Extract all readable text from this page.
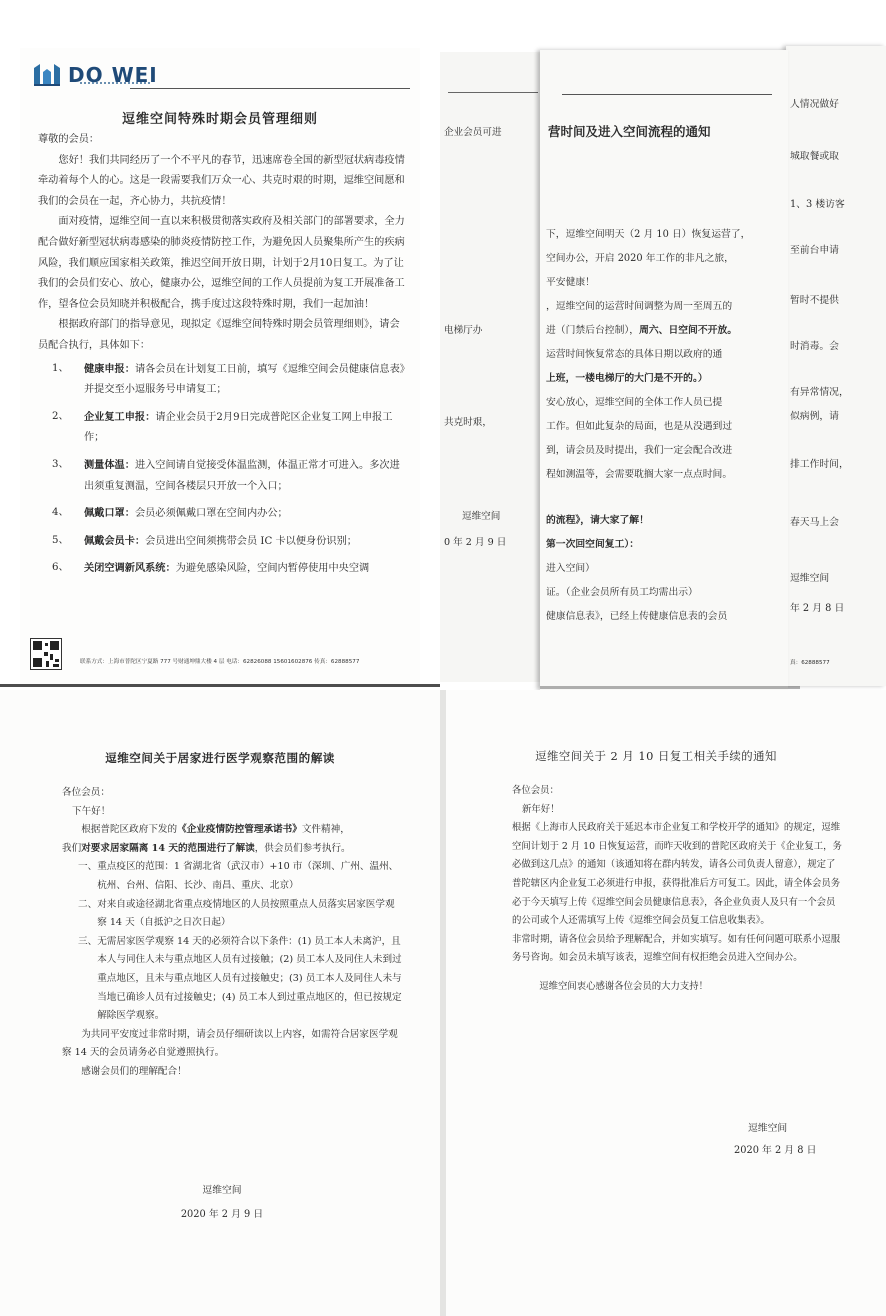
人情况做好
城取餐或取
1、3 楼访客
至前台申请
暂时不提供
时消毒。会
有异常情况，
似病例，请
排工作时间，
春天马上会
逗维空间
年 2 月 8 日
真：62888577
企业会员可进
电梯厅办
共克时艰，
逗维空间
0 年 2 月 9 日
营时间及进入空间流程的通知
下，逗维空间明天（2 月 10 日）恢复运营了，
空间办公，开启 2020 年工作的非凡之旅，
平安健康！
，逗维空间的运营时间调整为周一至周五的
进（门禁后台控制），周六、日空间不开放。
运营时间恢复常态的具体日期以政府的通
上班，一楼电梯厅的大门是不开的。）
安心放心，逗维空间的全体工作人员已提
工作。但如此复杂的局面，也是从没遇到过
到，请会员及时提出，我们一定会配合改进
程如测温等，会需要耽搁大家一点点时间。
的流程》，请大家了解！
第一次回空间复工）：
进入空间）
证。（企业会员所有员工均需出示）
健康信息表》，已经上传健康信息表的会员
DO WEI
逗维空间特殊时期会员管理细则

尊敬的会员：

您好！我们共同经历了一个不平凡的春节，迅速席卷全国的新型冠状病毒疫情牵动着每个人的心。这是一段需要我们万众一心、共克时艰的时期，逗维空间愿和我们的会员在一起，齐心协力，共抗疫情！

面对疫情，逗维空间一直以来积极贯彻落实政府及相关部门的部署要求，全力配合做好新型冠状病毒感染的肺炎疫情防控工作，为避免因人员聚集所产生的疾病风险，我们顺应国家相关政策，推迟空间开放日期，计划于2月10日复工。为了让我们的会员们安心、放心，健康办公，逗维空间的工作人员提前为复工开展准备工作，望各位会员知晓并积极配合，携手度过这段特殊时期，我们一起加油！

根据政府部门的指导意见，现拟定《逗维空间特殊时期会员管理细则》，请会员配合执行，具体如下：

1、	健康申报：请各会员在计划复工日前，填写《逗维空间会员健康信息表》并提交至小逗服务号申请复工；
2、	企业复工申报：请企业会员于2月9日完成普陀区企业复工网上申报工作；
3、	测量体温：进入空间请自觉接受体温监测，体温正常才可进入。多次进出须重复测温，空间各楼层只开放一个入口；
4、	佩戴口罩：会员必须佩戴口罩在空间内办公；
5、	佩戴会员卡：会员进出空间须携带会员 IC 卡以便身份识别；
6、	关闭空调新风系统：为避免感染风险，空间内暂停使用中央空调
联系方式：上海市普陀区宁夏路 777 号财通坤鼎大楼 4 层 电话：62826088 15601602876 传真：62888577
逗维空间关于居家进行医学观察范围的解读

各位会员：

下午好！

根据普陀区政府下发的《企业疫情防控管理承诺书》文件精神，

我们对要求居家隔离 14 天的范围进行了解读，供会员们参考执行。

一、 重点疫区的范围：1 省湖北省（武汉市）+10 市（深圳、广州、温州、杭州、台州、信阳、长沙、南昌、重庆、北京）
二、 对来自或途径湖北省重点疫情地区的人员按照重点人员落实居家医学观察 14 天（自抵沪之日次日起）
三、 无需居家医学观察 14 天的必须符合以下条件：(1) 员工本人未离沪，且本人与同住人未与重点地区人员有过接触；(2) 员工本人及同住人未到过重点地区，且未与重点地区人员有过接触史；(3) 员工本人及同住人未与当地已确诊人员有过接触史；(4) 员工本人到过重点地区的，但已按规定解除医学观察。

为共同平安度过非常时期，请会员仔细研读以上内容，如需符合居家医学观察 14 天的会员请务必自觉遵照执行。

感谢会员们的理解配合！

逗维空间
2020 年 2 月 9 日
逗维空间关于 2 月 10 日复工相关手续的通知

各位会员：

新年好！

根据《上海市人民政府关于延迟本市企业复工和学校开学的通知》的规定，逗维空间计划于 2 月 10 日恢复运营，而昨天收到的普陀区政府关于《企业复工，务必做到这几点》的通知（该通知将在群内转发，请各公司负责人留意），规定了普陀辖区内企业复工必须进行申报，获得批准后方可复工。因此，请全体会员务必于今天填写上传《逗维空间会员健康信息表》，各企业负责人及只有一个会员的公司或个人还需填写上传《逗维空间会员复工信息收集表》。

非常时期，请各位会员给予理解配合，并如实填写。如有任何问题可联系小逗服务号咨询。如会员未填写该表，逗维空间有权拒绝会员进入空间办公。

逗维空间衷心感谢各位会员的大力支持！

逗维空间
2020 年 2 月 8 日
